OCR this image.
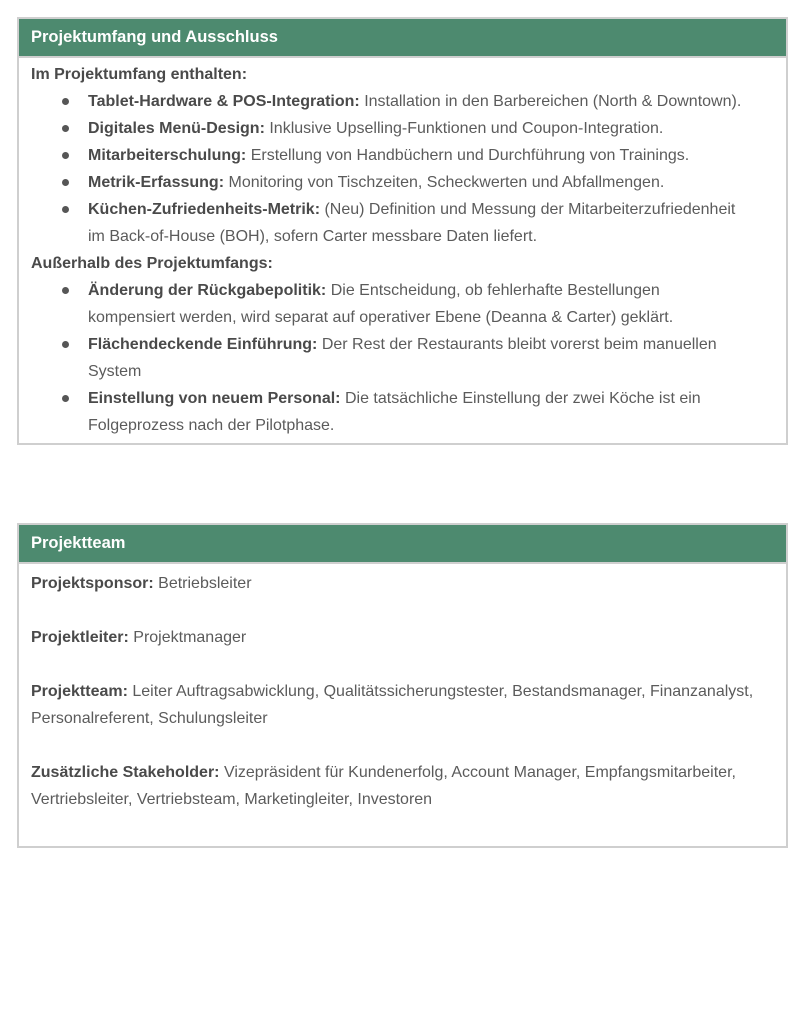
Projektumfang und Ausschluss

Im Projektumfang enthalten:

Tablet-Hardware & POS-Integration: Installation in den Barbereichen (North & Downtown).
Digitales Menü-Design: Inklusive Upselling-Funktionen und Coupon-Integration.
Mitarbeiterschulung: Erstellung von Handbüchern und Durchführung von Trainings.
Metrik-Erfassung: Monitoring von Tischzeiten, Scheckwerten und Abfallmengen.
Küchen-Zufriedenheits-Metrik: (Neu) Definition und Messung der Mitarbeiterzufriedenheit im Back-of-House (BOH), sofern Carter messbare Daten liefert.

Außerhalb des Projektumfangs:

Änderung der Rückgabepolitik: Die Entscheidung, ob fehlerhafte Bestellungen kompensiert werden, wird separat auf operativer Ebene (Deanna & Carter) geklärt.
Flächendeckende Einführung: Der Rest der Restaurants bleibt vorerst beim manuellen System
Einstellung von neuem Personal: Die tatsächliche Einstellung der zwei Köche ist ein Folgeprozess nach der Pilotphase.
Projektteam

Projektsponsor: Betriebsleiter

Projektleiter: Projektmanager

Projektteam: Leiter Auftragsabwicklung, Qualitätssicherungstester, Bestandsmanager, Finanzanalyst, Personalreferent, Schulungsleiter

Zusätzliche Stakeholder: Vizepräsident für Kundenerfolg, Account Manager, Empfangsmitarbeiter, Vertriebsleiter, Vertriebsteam, Marketingleiter, Investoren
